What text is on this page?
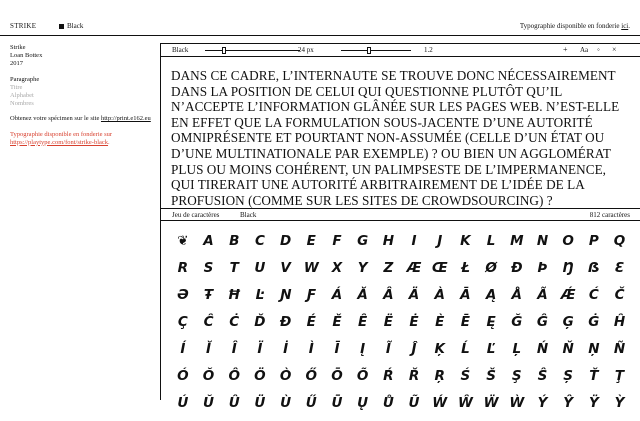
STRIKE	Black	Typographie disponible en fonderie ici.
Strike
Loan Bottex
2017
Paragraphe
Titre
Alphabet
Nombres
Obtenez votre spécimen sur le site http://print.e162.eu
Typographie disponible en fonderie sur
https://playtype.com/font/strike-black.
Black	24 px	1.2	+ Aa ◦ ×
DANS CE CADRE, L’INTERNAUTE SE TROUVE DONC NÉCESSAIREMENT DANS LA POSITION DE CELUI QUI QUESTIONNE PLUTÔT QU’IL N’ACCEPTE L’INFORMATION GLÂNÉE SUR LES PAGES WEB. N’EST-ELLE EN EFFET QUE LA FORMULATION SOUS-JACENTE D’UNE AUTORITÉ OMNIPRÉSENTE ET POURTANT NON-ASSUMÉE (CELLE D’UN ÉTAT OU D’UNE MULTINATIONALE PAR EXEMPLE) ? OU BIEN UN AGGLOMÉRAT PLUS OU MOINS COHÉRENT, UN PALIMPSESTE DE L’IMPERMANENCE, QUI TIRERAIT UNE AUTORITÉ ARBITRAIREMENT DE L’IDÉE DE LA PROFUSION (COMME SUR LES SITES DE CROWDSOURCING) ?
Jeu de caractères	Black	812 caractères
❦	A	B	C	D	E	F	G	H	I	J	K	L	M N	O	P	Q
R	S	T	U	V W X	Y	Z Æ Œ Ł	Ø	Ð	Þ	Ŋ	ẞ	Ɛ
Ə	Ŧ	Ħ	Ŀ	Ɲ	Ƒ	Á	Ă	Â	Ä	À	Ā	Ą	Å	Ã Ǽ Ć	Č
Ç	Ĉ	Ċ	Ď	Đ	É	Ě	Ê	Ë	Ė	È	Ē	Ę	Ğ	Ĝ	Ģ	Ġ	Ĥ
Í	Ĭ	Î	Ï	İ	Ì	Ī	Į	Ĩ	Ĵ	Ķ	Ĺ	Ľ	Ļ	Ń	Ň	Ņ	Ñ
Ó	Ŏ	Ô	Ö	Ò	Ő	Ō	Õ	Ŕ	Ř	Ŗ	Ś	Š	Ş	Ŝ	Ș	Ť	Ţ
Ú	Ŭ	Û	Ü	Ù	Ű	Ū	Ų	Ů	Ũ Ẃ Ŵ Ẅ Ẁ Ý	Ŷ	Ÿ	Ỳ
